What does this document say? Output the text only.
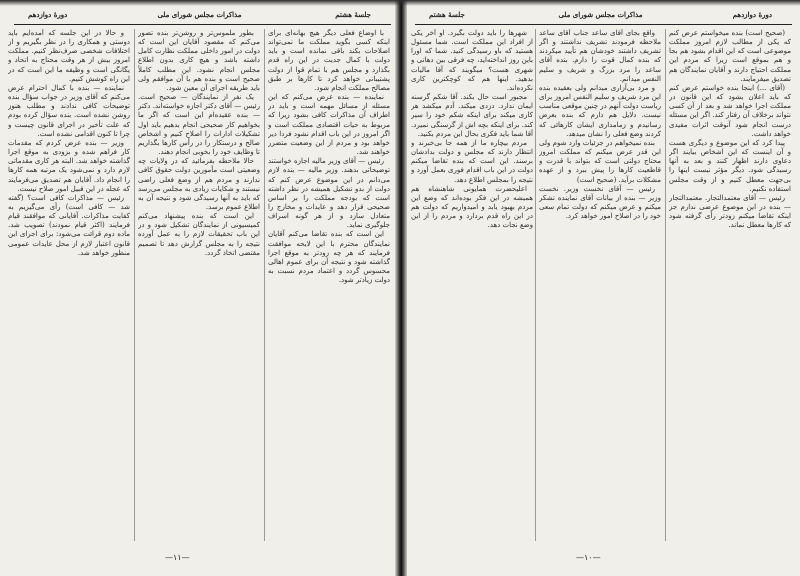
جلسهٔ هشتم
مذاکرات مجلس شورای ملی
دورهٔ دوازدهم

با اوضاع فعلی دیگر هیچ بهانه‌ای برای اینکه کسی بگوید مملکت ما نمی‌تواند اصلاحات بکند باقی نمانده است و باید دولت با کمال جدیت در این راه قدم بگذارد و مجلس هم با تمام قوا از دولت پشتیبانی خواهد کرد تا کارها بر طبق مصالح مملکت انجام شود.

نماینده — بنده عرض می‌کنم که این مسئله از مسائل مهمه است و باید در اطراف آن مذاکرات کافی بشود زیرا که مربوط به حیات اقتصادی مملکت است و اگر امروز در این باب اقدام نشود فردا دیر خواهد بود و مردم از این وضعیت متضرر خواهند شد.

رئیس — آقای وزیر مالیه اجازه خواستند توضیحاتی بدهند. وزیر مالیه — بنده لازم می‌دانم در این موضوع عرض کنم که دولت از بدو تشکیل همیشه در نظر داشته است که بودجه مملکت را بر اساس صحیحی قرار دهد و عایدات و مخارج را متعادل سازد و از هر گونه اسراف جلوگیری نماید.

این است که بنده تقاضا می‌کنم آقایان نمایندگان محترم با این لایحه موافقت فرمایند که هر چه زودتر به موقع اجرا گذاشته شود و نتیجه آن برای عموم اهالی محسوس گردد و اعتماد مردم نسبت به دولت زیادتر شود.

بطور ملموس‌تر و روشن‌تر بنده تصور می‌کنم که مقصود آقایان این است که دولت در امور داخلی مملکت نظارت کامل داشته باشد و هیچ کاری بدون اطلاع مجلس انجام نشود. این مطلب کاملاً صحیح است و بنده هم با آن موافقم ولی باید طریقه اجرای آن معین شود.

یک نفر از نمایندگان — صحیح است. رئیس — آقای دکتر اجازه خواسته‌اند. دکتر — بنده عقیده‌ام این است که اگر ما بخواهیم کار صحیحی انجام بدهیم باید اول تشکیلات ادارات را اصلاح کنیم و اشخاص صالح و درستکار را در رأس کارها بگذاریم تا وظایف خود را بخوبی انجام دهند.

حالا ملاحظه بفرمائید که در ولایات چه وضعیتی است مأمورین دولت حقوق کافی ندارند و مردم هم از وضع فعلی راضی نیستند و شکایات زیادی به مجلس می‌رسد که باید به آنها رسیدگی شود و نتیجه آن به اطلاع عموم برسد.

این است که بنده پیشنهاد می‌کنم کمیسیونی از نمایندگان تشکیل شود و در این باب تحقیقات لازم را به عمل آورده نتیجه را به مجلس گزارش دهد تا تصمیم مقتضی اتخاذ گردد.

و حالا در این جلسه که آمده‌ایم باید دوستی و همکاری را در نظر بگیریم و از اختلافات شخصی صرف‌نظر کنیم. مملکت امروز بیش از هر وقت محتاج به اتحاد و یگانگی است و وظیفه ما این است که در این راه کوشش کنیم.

نماینده — بنده با کمال احترام عرض می‌کنم که آقای وزیر در جواب سؤال بنده توضیحات کافی ندادند و مطلب هنوز روشن نشده است. بنده سؤال کرده بودم که علت تأخیر در اجرای قانون چیست و چرا تا کنون اقدامی نشده است.

وزیر — بنده عرض کردم که مقدمات کار فراهم شده و بزودی به موقع اجرا گذاشته خواهد شد. البته هر کاری مقدماتی لازم دارد و نمی‌شود یک مرتبه همه کارها را انجام داد. آقایان هم تصدیق می‌فرمایند که عجله در این قبیل امور صلاح نیست.

رئیس — مذاکرات کافی است؟ (گفته شد — کافی است) رأی می‌گیریم به کفایت مذاکرات. آقایانی که موافقند قیام فرمایند (اکثر قیام نمودند) تصویب شد. ماده دوم قرائت می‌شود: برای اجرای این قانون اعتبار لازم از محل عایدات عمومی منظور خواهد شد.

—۱۱—
جلسهٔ هشتم	مذاکرات مجلس شورای ملی	دورهٔ دوازدهم

(صحیح است) بنده میخواستم عرض کنم که یکی از مطالب لازم امروز مملکت موضوعی است که این اقدام بشود هم بجا و هم بموقع است زیرا که مردم این مملکت احتیاج دارند و آقایان نمایندگان هم تصدیق میفرمایند.

(آقای ...) اینجا بنده خواستم عرض کنم که باید اعلان بشود که این قانون در مملکت اجرا خواهد شد و بعد از آن کسی نتواند برخلاف آن رفتار کند. اگر این مسئله درست انجام شود آنوقت اثرات مفیدی خواهد داشت.

پیدا کرد که این موضوع و دیگری هست و آن اینست که این اشخاص بیایند اگر دعاوی دارند اظهار کنند و بعد به آنها رسیدگی شود. دیگر مؤثر نیست اینها را بی‌جهت معطل کنیم و از وقت مجلس استفاده نکنیم.

رئیس — آقای معتمدالتجار. معتمدالتجار — بنده در این موضوع عرضی ندارم جز اینکه تقاضا میکنم زودتر رأی گرفته شود که کارها معطل نماند.

واقع بجای آقای ساعد جناب آقای ساعد ملاحظه فرمودند تشریف نداشتند و اگر تشریف داشتند خودشان هم تأیید میکردند که بنده کمال قوت را دارم. بنده آقای ساعد را مرد بزرگ و شریف و سلیم النفس میدانم.

و مرد بی‌آزاری میدانم ولی بعقیده بنده این مرد شریف و سلیم النفس امروز برای ریاست دولت آنهم در چنین موقعی مناسب نیست. دلایل هم دارم که بنده بعرض رسانیدم و زمامداری ایشان کارهائی که کردند وضع فعلی را نشان میدهد.

بنده نمیخواهم در جزئیات وارد شوم ولی این قدر عرض میکنم که مملکت امروز محتاج دولتی است که بتواند با قدرت و قاطعیت کارها را پیش ببرد و از عهده مشکلات برآید. (صحیح است)

رئیس — آقای نخست وزیر. نخست وزیر — بنده از بیانات آقای نماینده تشکر میکنم و عرض میکنم که دولت تمام سعی خود را در اصلاح امور خواهد کرد.

شهرها را باید دولت بگیرد. او آخر یکی از افراد این مملکت است. شما مسئول هستید که باو رسیدگی کنید. شما که اورا باین روز انداخته‌اید، چه فرقی بین دهاتی و شهری هست؟ میگویند که آقا مالیات بدهید. اینها هم که کوچکترین کاری نکرده‌اند.

مجبور است حال بکند. آقا شکم گرسنه ایمان ندارد. دزدی میکند. آدم میکشد هر کاری میکند برای اینکه شکم خود را سیر کند. برای اینکه بچه اش از گرسنگی نمیرد. آقا شما باید فکری بحال این مردم بکنید.

مردم بیچاره ما از همه جا بی‌خبرند و انتظار دارند که مجلس و دولت بدادشان برسند. این است که بنده تقاضا میکنم دولت در این باب اقدام فوری بعمل آورد و نتیجه را بمجلس اطلاع دهد.

اعلیحضرت همایونی شاهنشاه هم همیشه در این فکر بوده‌اند که وضع این مردم بهبود یابد و امیدواریم که دولت هم در این راه قدم بردارد و مردم را از این وضع نجات دهد.

—۱۰—
